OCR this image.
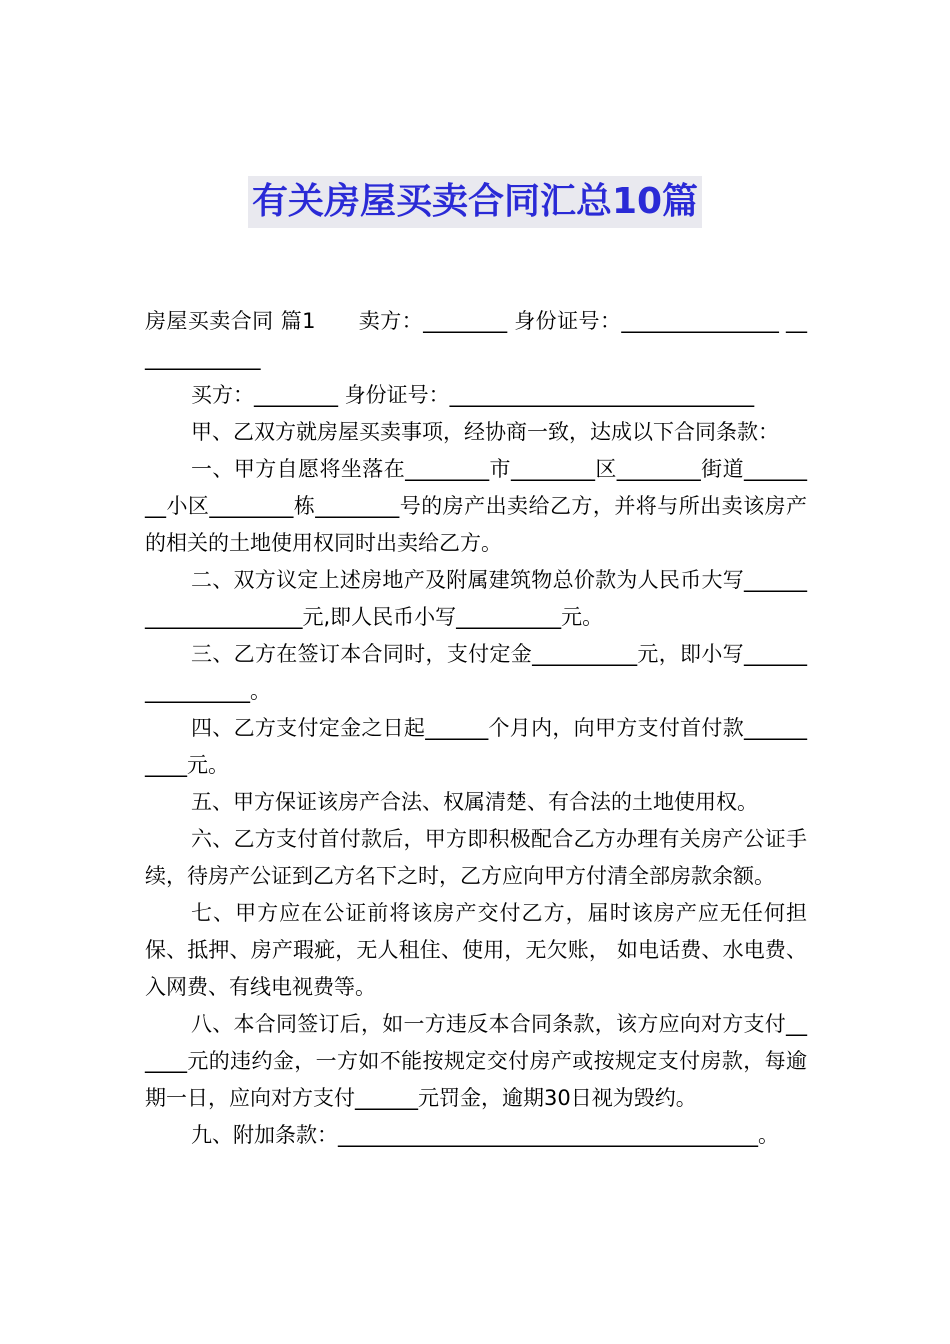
有关房屋买卖合同汇总10篇

房屋买卖合同 篇1　　卖方：________ 身份证号：_______________ _____________

买方：________ 身份证号：_____________________________

甲、乙双方就房屋买卖事项，经协商一致，达成以下合同条款：

一、甲方自愿将坐落在________市________区________街道________小区________栋________号的房产出卖给乙方，并将与所出卖该房产的相关的土地使用权同时出卖给乙方。

二、双方议定上述房地产及附属建筑物总价款为人民币大写_____________________元,即人民币小写__________元。

三、乙方在签订本合同时，支付定金__________元，即小写________________。

四、乙方支付定金之日起______个月内，向甲方支付首付款__________元。

五、甲方保证该房产合法、权属清楚、有合法的土地使用权。

六、乙方支付首付款后，甲方即积极配合乙方办理有关房产公证手续，待房产公证到乙方名下之时，乙方应向甲方付清全部房款余额。

七、甲方应在公证前将该房产交付乙方，届时该房产应无任何担保、抵押、房产瑕疵，无人租住、使用，无欠账， 如电话费、水电费、入网费、有线电视费等。

八、本合同签订后，如一方违反本合同条款，该方应向对方支付______元的违约金，一方如不能按规定交付房产或按规定支付房款，每逾期一日，应向对方支付______元罚金，逾期30日视为毁约。

九、附加条款：________________________________________。
